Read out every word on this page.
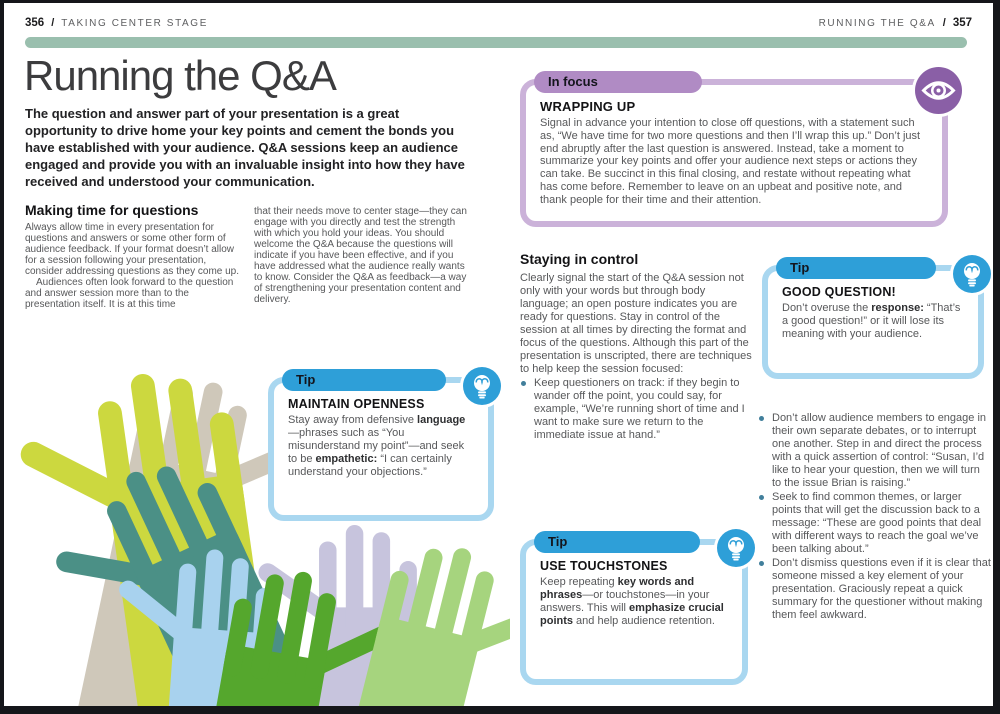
356 / TAKING CENTER STAGE	RUNNING THE Q&A / 357
Running the Q&A

The question and answer part of your presentation is a great opportunity to drive home your key points and cement the bonds you have established with your audience. Q&A sessions keep an audience engaged and provide you with an invaluable insight into how they have received and understood your communication.

Making time for questions

Always allow time in every presentation for questions and answers or some other form of audience feedback. If your format doesn’t allow for a session following your presentation, consider addressing questions as they come up.

Audiences often look forward to the question and answer session more than to the presentation itself. It is at this time

that their needs move to center stage—they can engage with you directly and test the strength with which you hold your ideas. You should welcome the Q&A because the questions will indicate if you have been effective, and if you have addressed what the audience really wants to know. Consider the Q&A as feedback—a way of strengthening your presentation content and delivery.

Tip
MAINTAIN OPENNESS

Stay away from defensive language—phrases such as “You misunderstand my point”—and seek to be empathetic: “I can certainly understand your objections.”

In focus
WRAPPING UP

Signal in advance your intention to close off questions, with a statement such as, “We have time for two more questions and then I’ll wrap this up.” Don’t just end abruptly after the last question is answered. Instead, take a moment to summarize your key points and offer your audience next steps or actions they can take. Be succinct in this final closing, and restate without repeating what has come before. Remember to leave on an upbeat and positive note, and thank people for their time and their attention.

Staying in control

Clearly signal the start of the Q&A session not only with your words but through body language; an open posture indicates you are ready for questions. Stay in control of the session at all times by directing the format and focus of the questions. Although this part of the presentation is unscripted, there are techniques to help keep the session focused:

Keep questioners on track: if they begin to wander off the point, you could say, for example, “We’re running short of time and I want to make sure we return to the immediate issue at hand.”
Tip
GOOD QUESTION!

Don’t overuse the response: “That’s a good question!” or it will lose its meaning with your audience.

Don’t allow audience members to engage in their own separate debates, or to interrupt one another. Step in and direct the process with a quick assertion of control: “Susan, I’d like to hear your question, then we will turn to the issue Brian is raising.”
Seek to find common themes, or larger points that will get the discussion back to a message: “These are good points that deal with different ways to reach the goal we’ve been talking about.”
Don’t dismiss questions even if it is clear that someone missed a key element of your presentation. Graciously repeat a quick summary for the questioner without making them feel awkward.
Tip
USE TOUCHSTONES

Keep repeating key words and phrases—or touchstones—in your answers. This will emphasize crucial points and help audience retention.
